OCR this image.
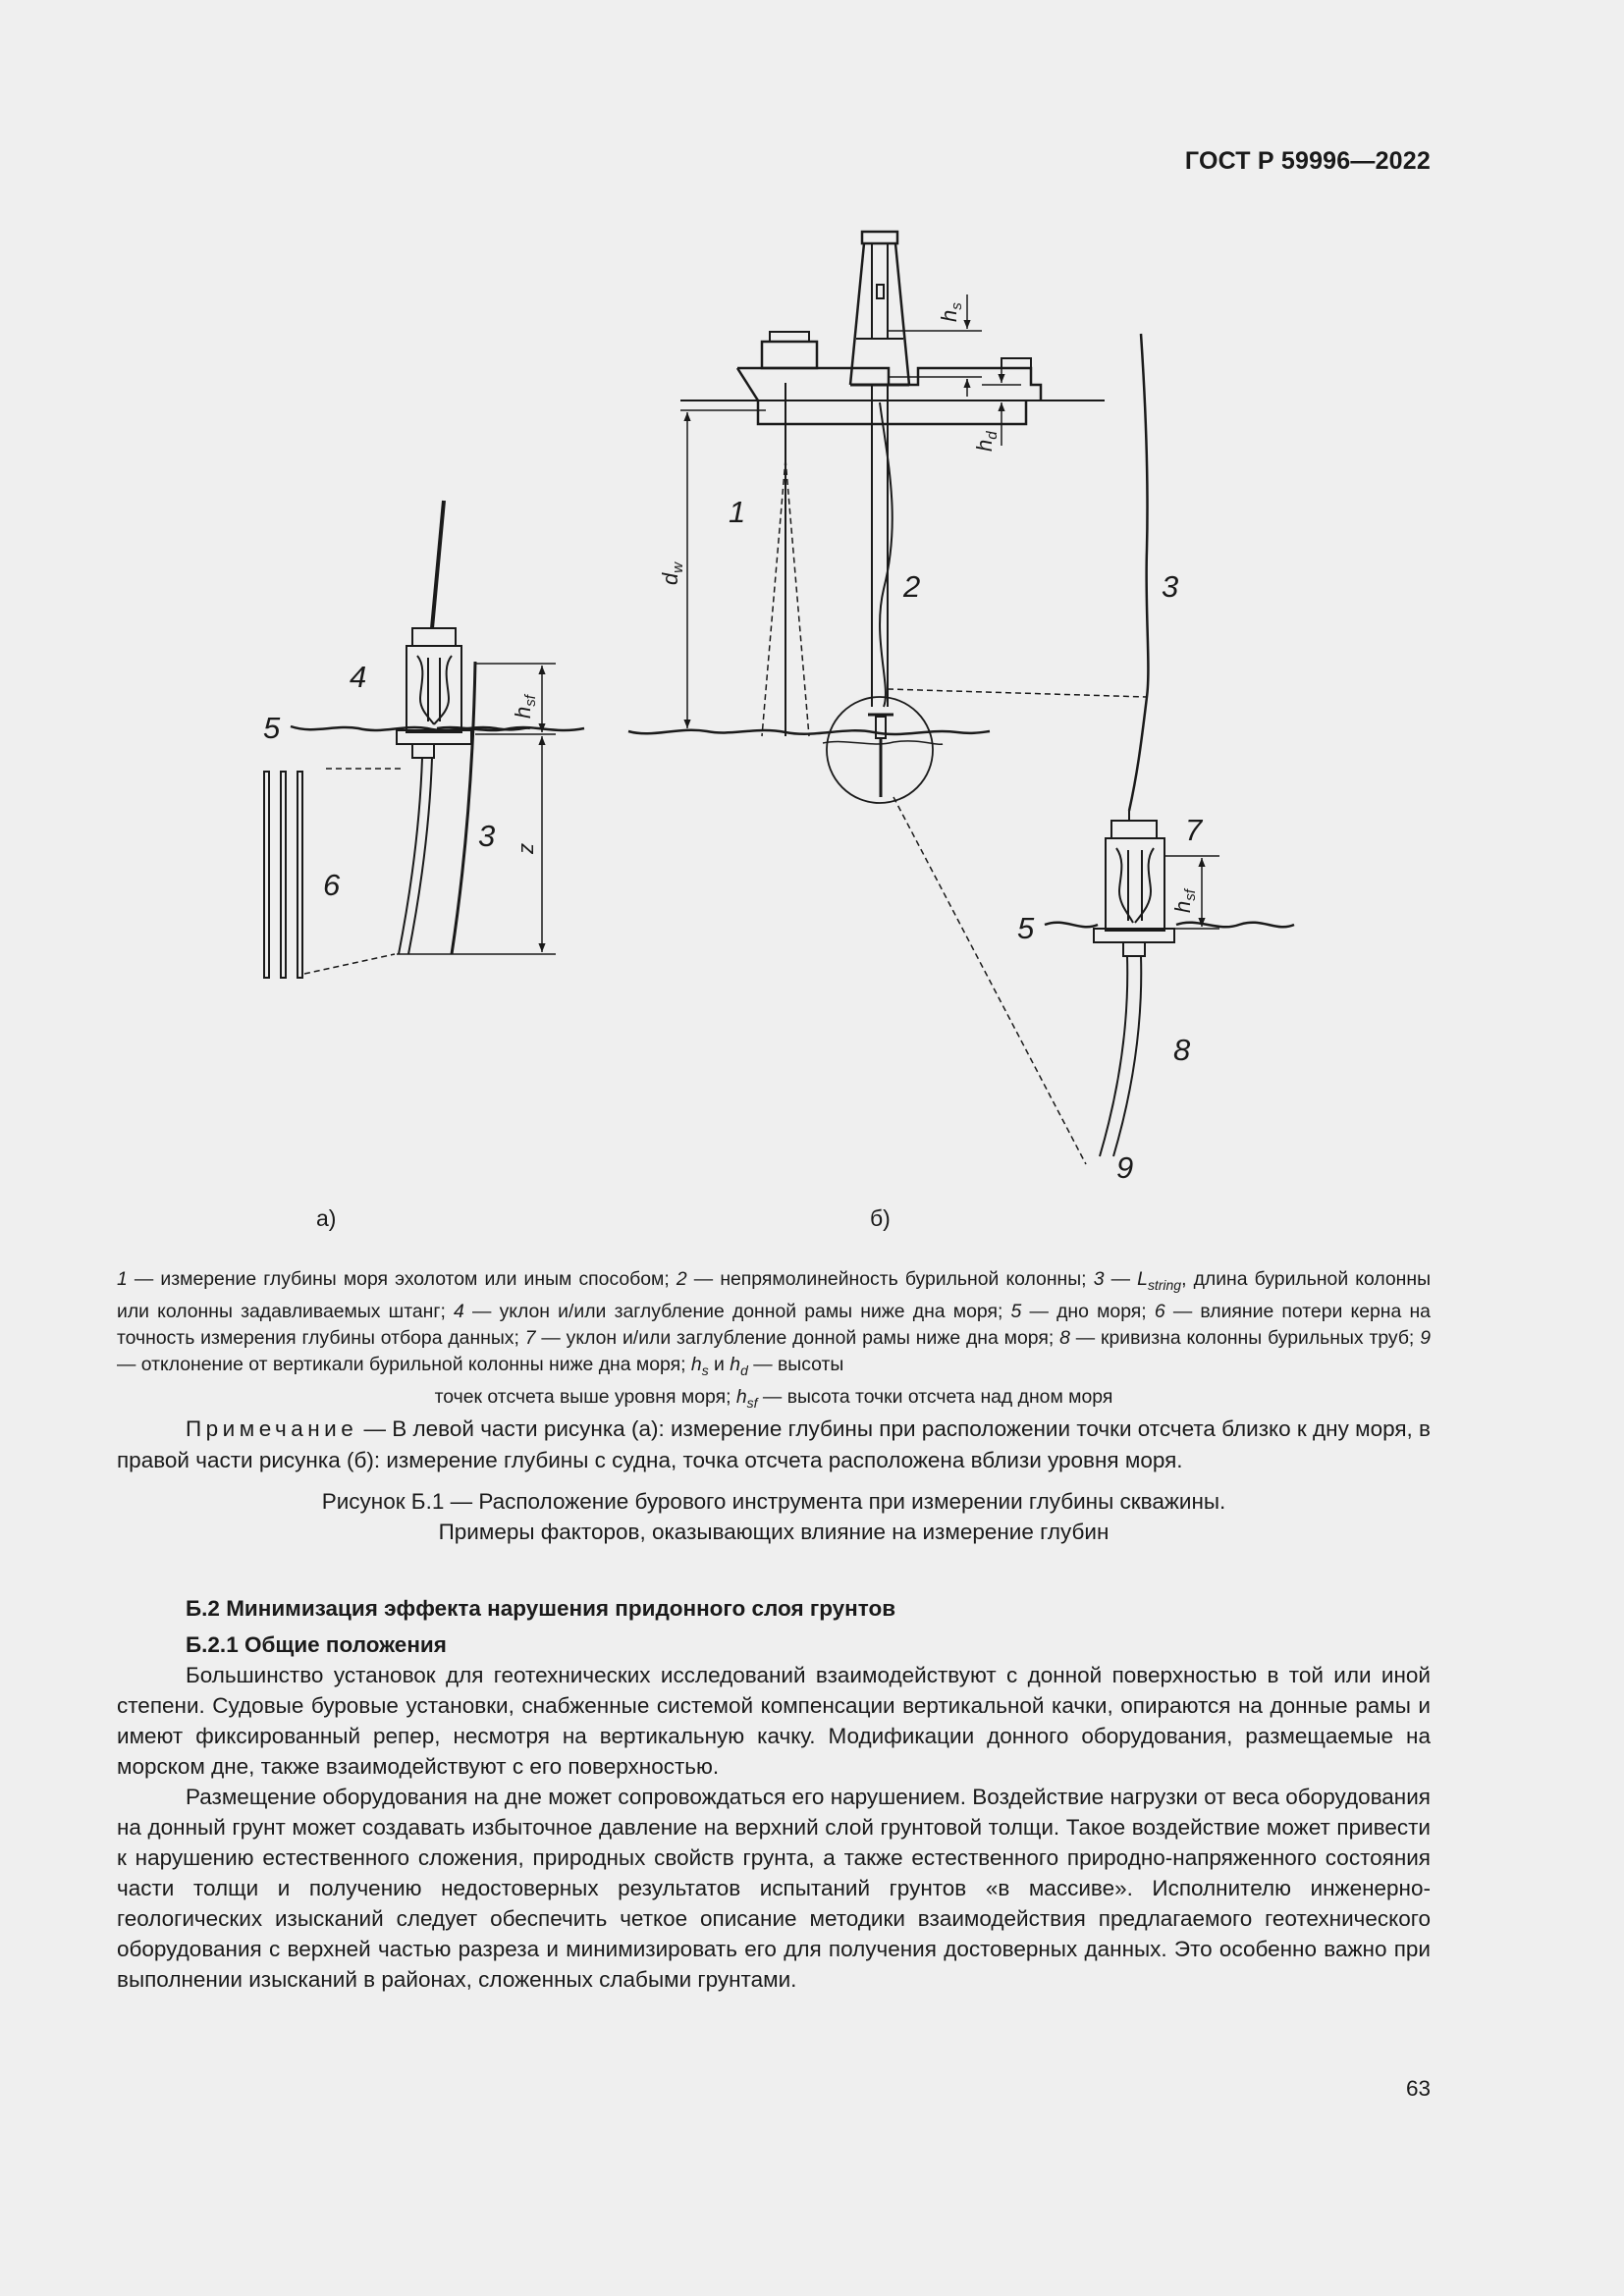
ГОСТ Р 59996—2022
4
5
3
6
$h_{sf}$
z
а)
1
2	3
7
5
8
9
$d_w$
$h_s$
$h_d$
$h_{sf}$
б)
1 — измерение глубины моря эхолотом или иным способом; 2 — непрямолинейность бурильной колонны; 3 — $L_{string}$, длина бурильной колонны или колонны задавливаемых штанг; 4 — уклон и/или заглубление донной рамы ниже дна моря; 5 — дно моря; 6 — влияние потери керна на точность измерения глубины отбора данных; 7 — уклон и/или заглубление донной рамы ниже дна моря; 8 — кривизна колонны бурильных труб; 9 — отклонение от вертикали бурильной колонны ниже дна моря; $h_s$ и $h_d$ — высоты
точек отсчета выше уровня моря; $h_{sf}$ — высота точки отсчета над дном моря
Примечание — В левой части рисунка (а): измерение глубины при расположении точки отсчета близко к дну моря, в правой части рисунка (б): измерение глубины с судна, точка отсчета расположена вблизи уровня моря.
Рисунок Б.1 — Расположение бурового инструмента при измерении глубины скважины.
Примеры факторов, оказывающих влияние на измерение глубин
Б.2 Минимизация эффекта нарушения придонного слоя грунтов
Б.2.1 Общие положения

Большинство установок для геотехнических исследований взаимодействуют с донной поверхностью в той или иной степени. Судовые буровые установки, снабженные системой компенсации вертикальной качки, опираются на донные рамы и имеют фиксированный репер, несмотря на вертикальную качку. Модификации донного оборудования, размещаемые на морском дне, также взаимодействуют с его поверхностью.

Размещение оборудования на дне может сопровождаться его нарушением. Воздействие нагрузки от веса оборудования на донный грунт может создавать избыточное давление на верхний слой грунтовой толщи. Такое воздействие может привести к нарушению естественного сложения, природных свойств грунта, а также естественного природно-напряженного состояния части толщи и получению недостоверных результатов испытаний грунтов «в массиве». Исполнителю инженерно-геологических изысканий следует обеспечить четкое описание методики взаимодействия предлагаемого геотехнического оборудования с верхней частью разреза и минимизировать его для получения достоверных данных. Это особенно важно при выполнении изысканий в районах, сложенных слабыми грунтами.

63
